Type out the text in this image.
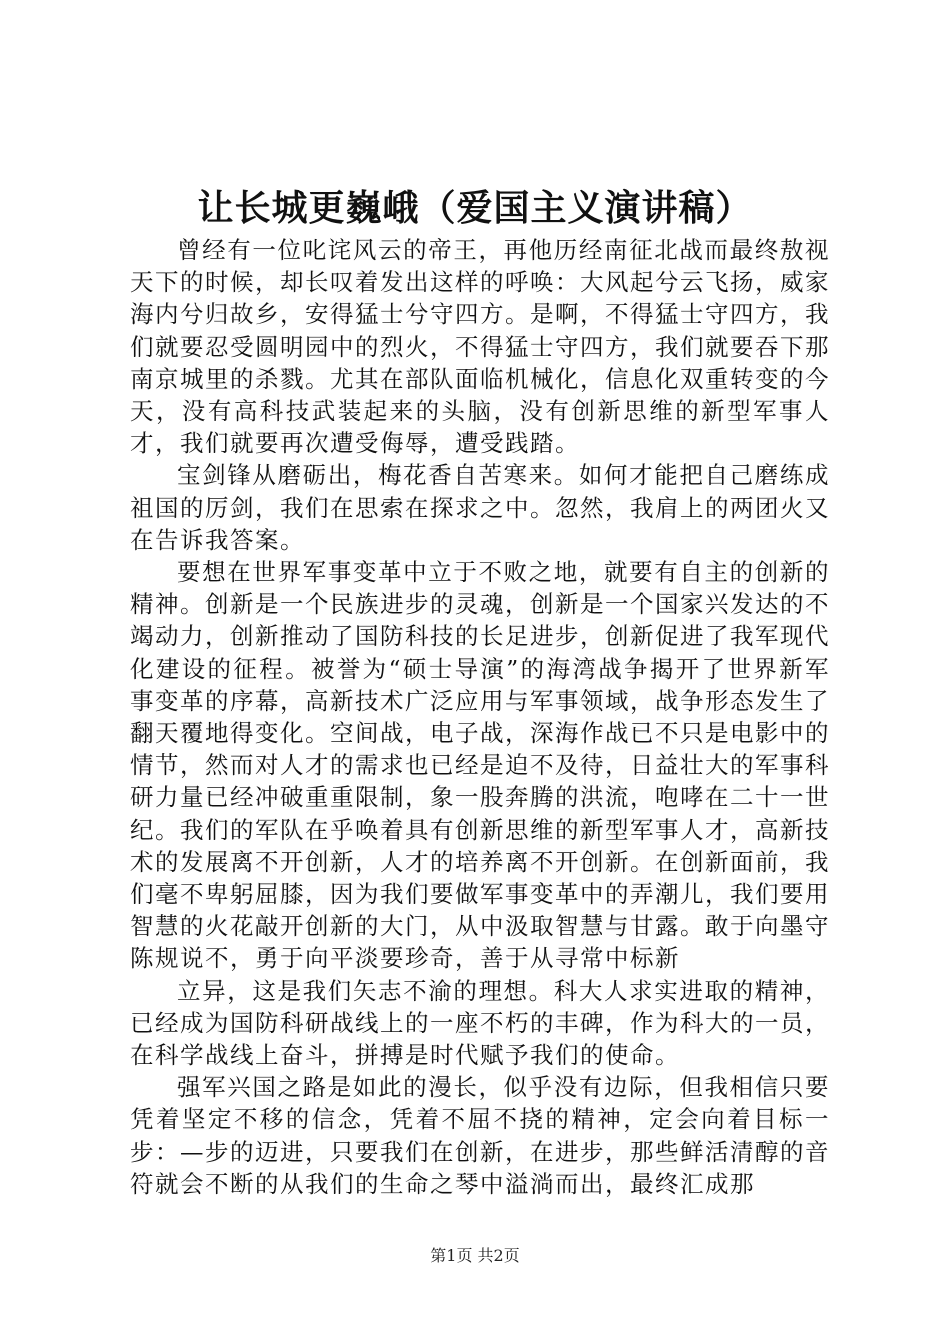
让长城更巍峨（爱国主义演讲稿）

曾经有一位叱诧风云的帝王，再他历经南征北战而最终敖视天下的时候，却长叹着发出这样的呼唤：大风起兮云飞扬，威家海内兮归故乡，安得猛士兮守四方。是啊，不得猛士守四方，我们就要忍受圆明园中的烈火，不得猛士守四方，我们就要吞下那南京城里的杀戮。尤其在部队面临机械化，信息化双重转变的今天，没有高科技武装起来的头脑，没有创新思维的新型军事人才，我们就要再次遭受侮辱，遭受践踏。

宝剑锋从磨砺出，梅花香自苦寒来。如何才能把自己磨练成祖国的厉剑，我们在思索在探求之中。忽然，我肩上的两团火又在告诉我答案。

要想在世界军事变革中立于不败之地，就要有自主的创新的精神。创新是一个民族进步的灵魂，创新是一个国家兴发达的不竭动力，创新推动了国防科技的长足进步，创新促进了我军现代化建设的征程。被誉为“硕士导演”的海湾战争揭开了世界新军事变革的序幕，高新技术广泛应用与军事领域，战争形态发生了翻天覆地得变化。空间战，电子战，深海作战已不只是电影中的情节，然而对人才的需求也已经是迫不及待，日益壮大的军事科研力量已经冲破重重限制，象一股奔腾的洪流，咆哮在二十一世纪。我们的军队在乎唤着具有创新思维的新型军事人才，高新技术的发展离不开创新，人才的培养离不开创新。在创新面前，我们毫不卑躬屈膝，因为我们要做军事变革中的弄潮儿，我们要用智慧的火花敲开创新的大门，从中汲取智慧与甘露。敢于向墨守陈规说不，勇于向平淡要珍奇，善于从寻常中标新

立异，这是我们矢志不渝的理想。科大人求实进取的精神，已经成为国防科研战线上的一座不朽的丰碑，作为科大的一员，在科学战线上奋斗，拼搏是时代赋予我们的使命。

强军兴国之路是如此的漫长，似乎没有边际，但我相信只要凭着坚定不移的信念，凭着不屈不挠的精神，定会向着目标一步：—步的迈进，只要我们在创新，在进步，那些鲜活清醇的音符就会不断的从我们的生命之琴中溢淌而出，最终汇成那

第1页 共2页
